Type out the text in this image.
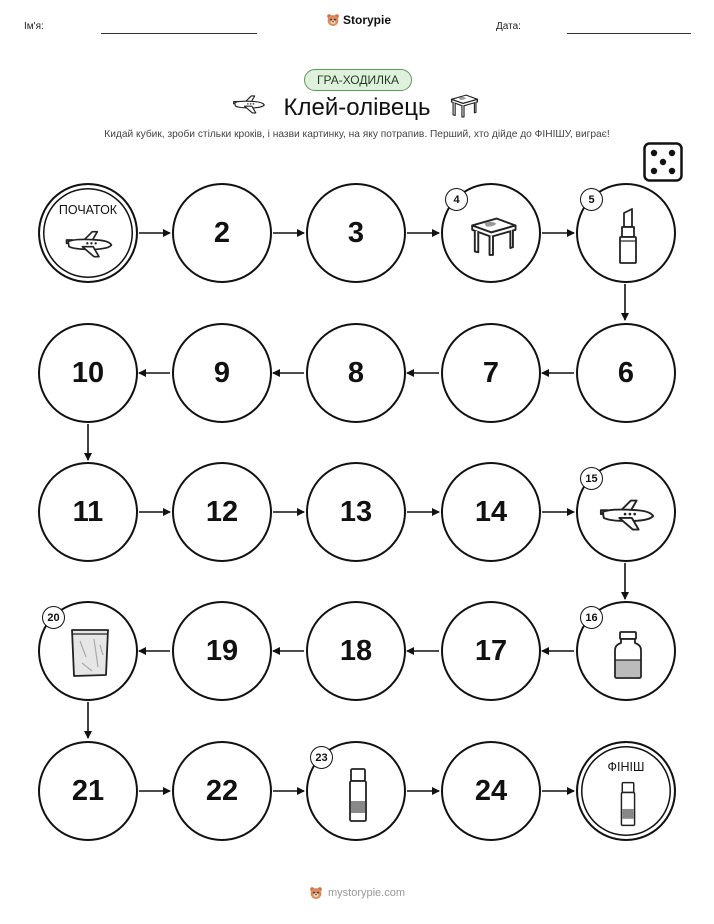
Ім'я:	Storypie	Дата:
ГРА-ХОДИЛКА
Клей-олівець
Кидай кубик, зроби стільки кроків, і назви картинку, на яку потрапив. Перший, хто дійде до ФІНІШУ, виграє!
ПОЧАТОК
2	3
4	5
6
7
8
9
10
11	12	13	14
15
16
17
18
19
20
21	22
23
24
ФІНІШ
mystorypie.com
